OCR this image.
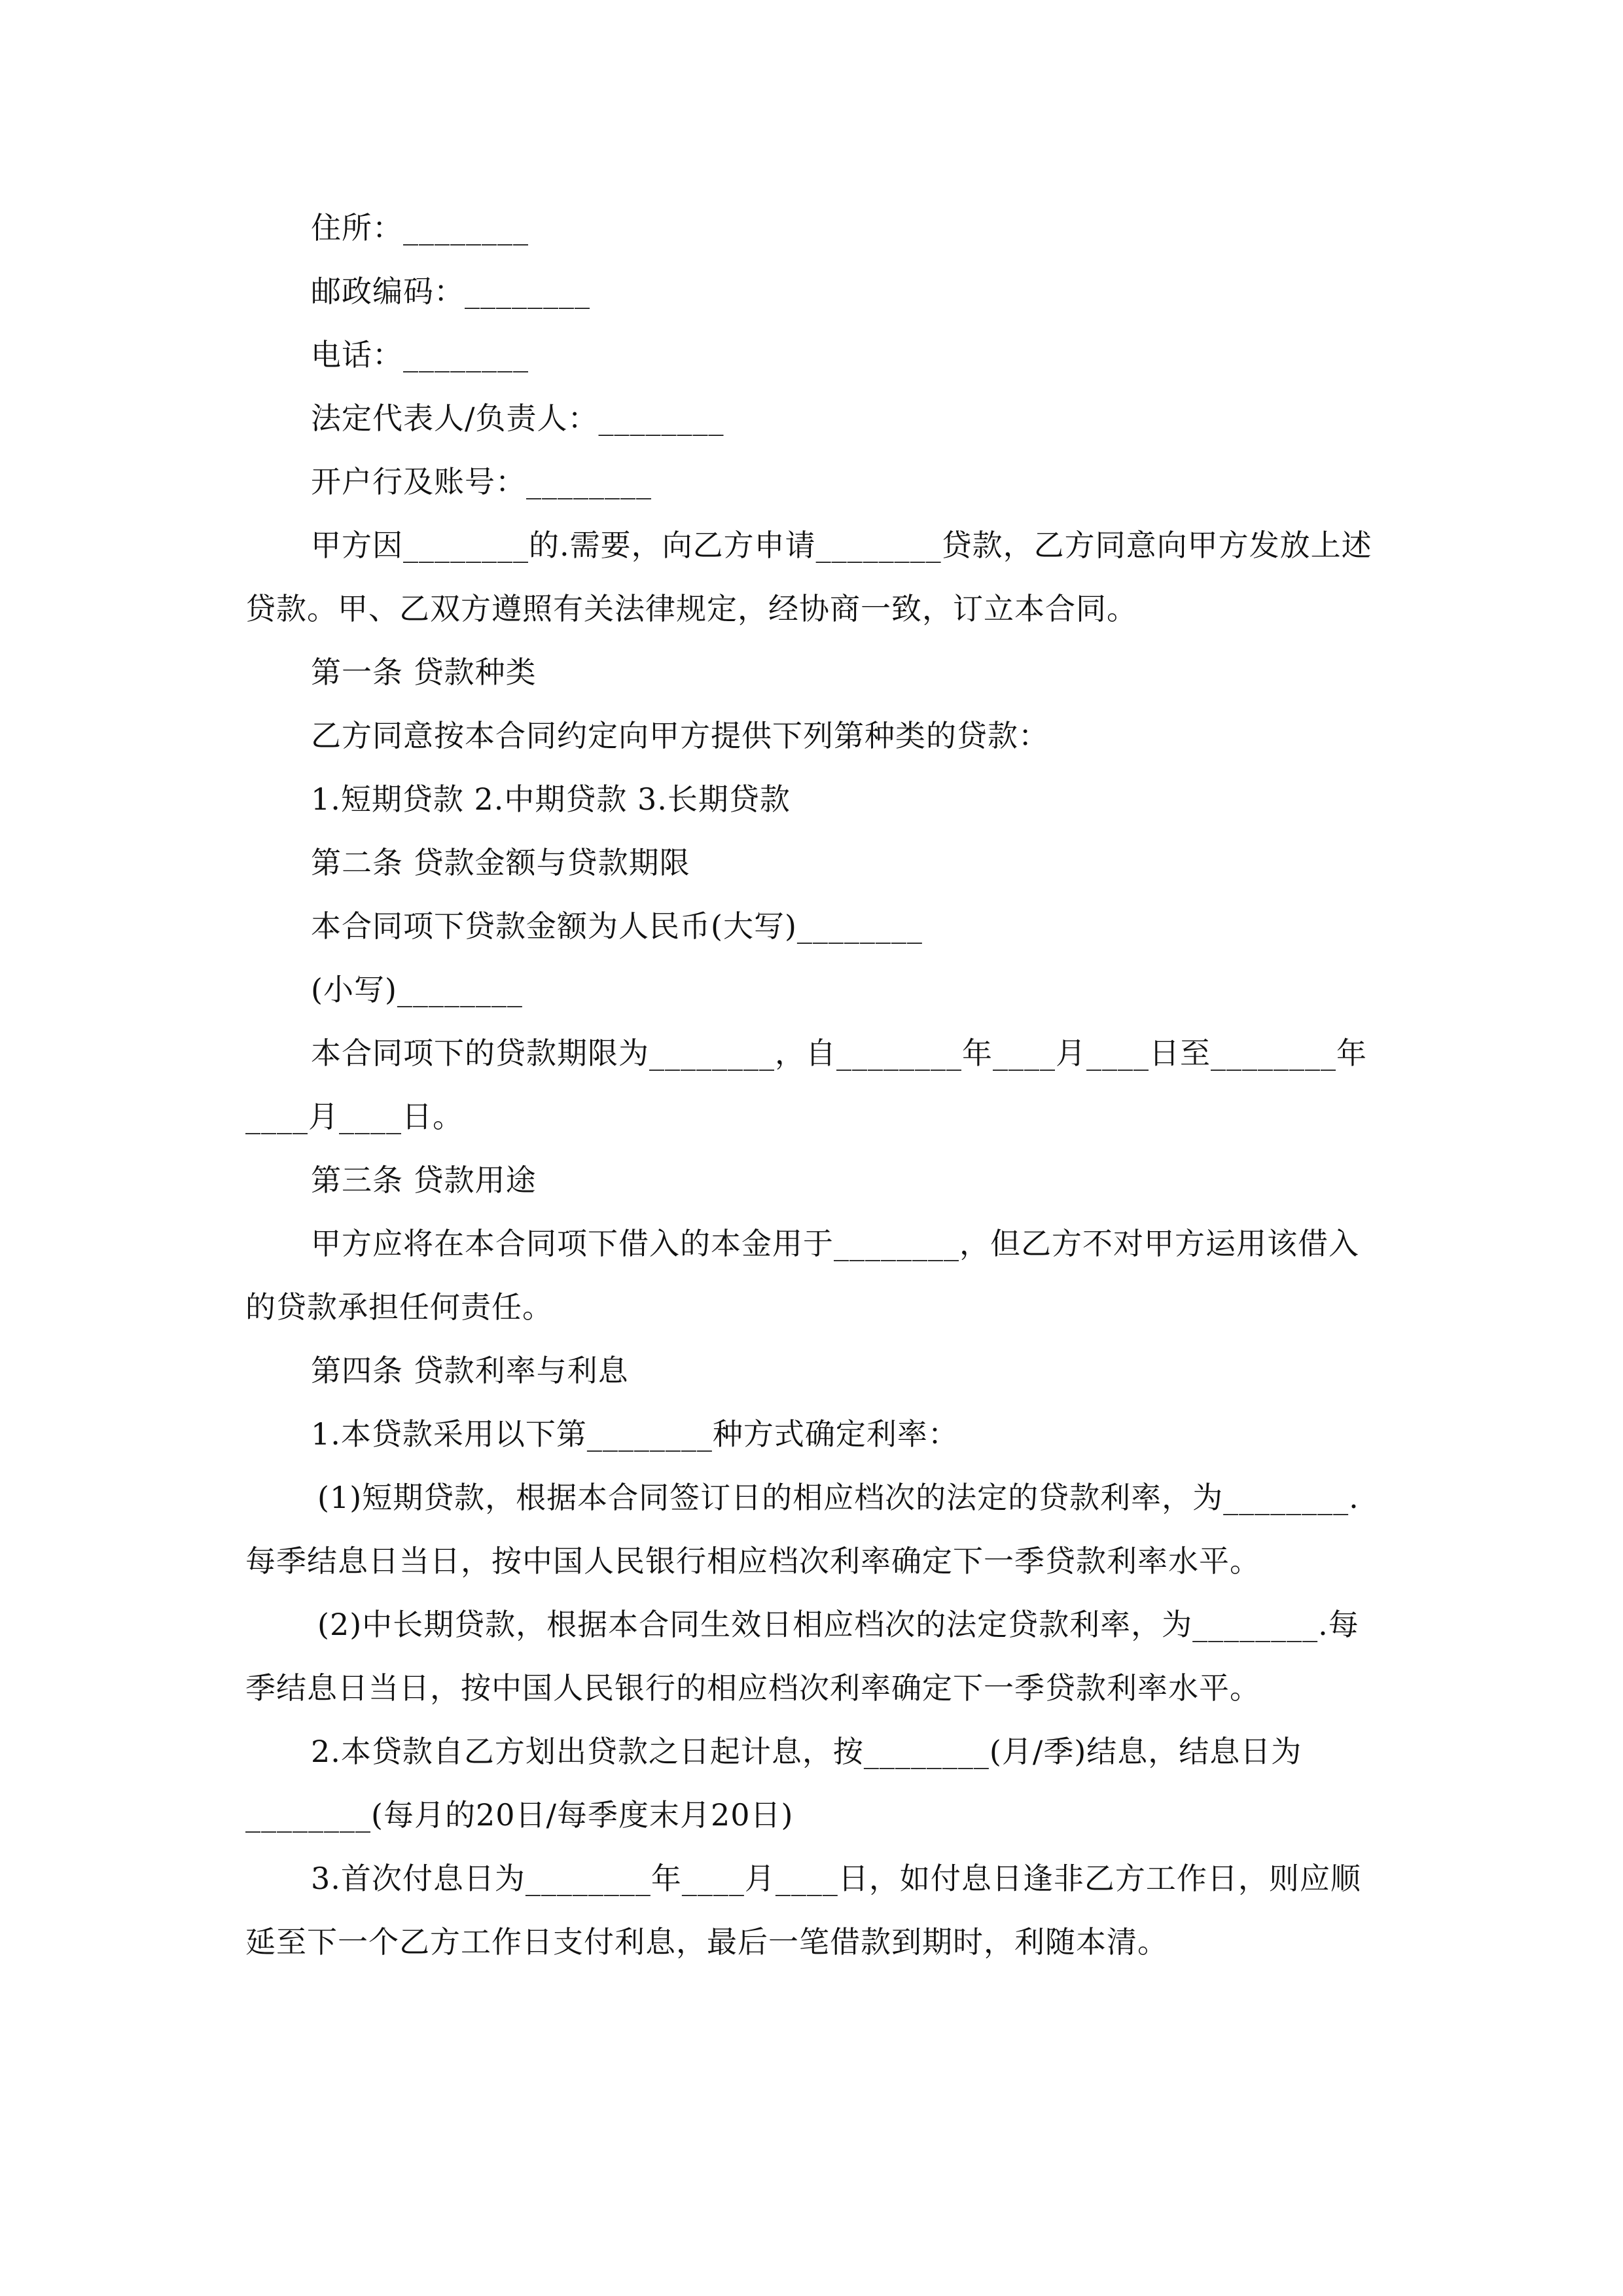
住所：________

邮政编码：________

电话：________

法定代表人/负责人：________

开户行及账号：________

甲方因________的.需要，向乙方申请________贷款，乙方同意向甲方发放上述贷款。甲、乙双方遵照有关法律规定，经协商一致，订立本合同。

第一条 贷款种类

乙方同意按本合同约定向甲方提供下列第种类的贷款：

1.短期贷款 2.中期贷款 3.长期贷款

第二条 贷款金额与贷款期限

本合同项下贷款金额为人民币(大写)________

(小写)________

本合同项下的贷款期限为________，自________年____月____日至________年____月____日。

第三条 贷款用途

甲方应将在本合同项下借入的本金用于________，但乙方不对甲方运用该借入的贷款承担任何责任。

第四条 贷款利率与利息

1.本贷款采用以下第________种方式确定利率：

(1)短期贷款，根据本合同签订日的相应档次的法定的贷款利率，为________.每季结息日当日，按中国人民银行相应档次利率确定下一季贷款利率水平。

(2)中长期贷款，根据本合同生效日相应档次的法定贷款利率，为________.每季结息日当日，按中国人民银行的相应档次利率确定下一季贷款利率水平。

2.本贷款自乙方划出贷款之日起计息，按________(月/季)结息，结息日为________(每月的20日/每季度末月20日)

3.首次付息日为________年____月____日，如付息日逢非乙方工作日，则应顺延至下一个乙方工作日支付利息，最后一笔借款到期时，利随本清。
